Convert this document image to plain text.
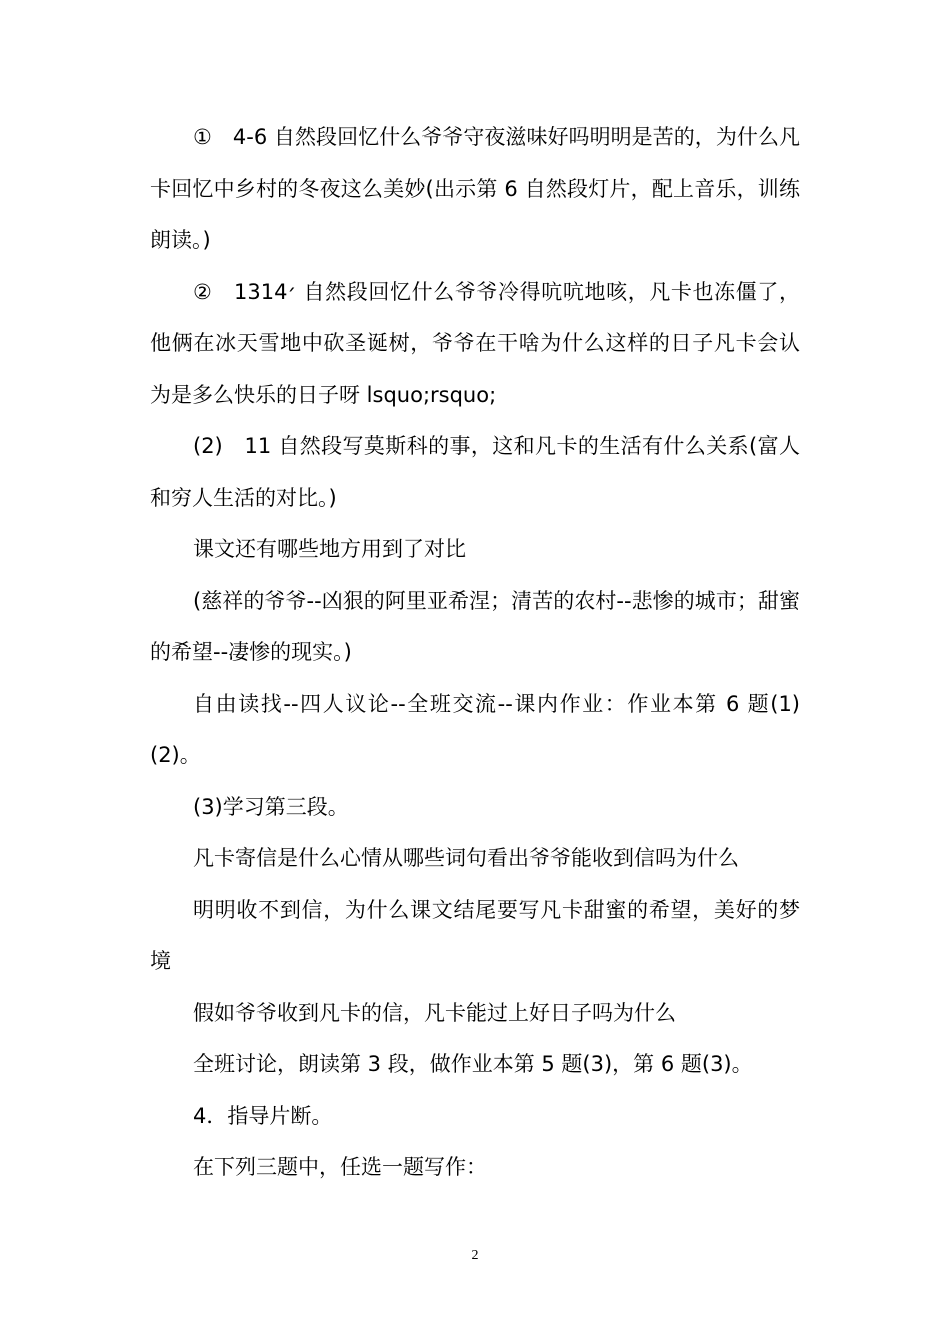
①　4-6 自然段回忆什么爷爷守夜滋味好吗明明是苦的，为什么凡卡回忆中乡村的冬夜这么美妙(出示第 6 自然段灯片，配上音乐，训练朗读。)

②　13׳14 自然段回忆什么爷爷冷得吭吭地咳，凡卡也冻僵了，他俩在冰天雪地中砍圣诞树，爷爷在干啥为什么这样的日子凡卡会认为是多么快乐的日子呀 lsquo;rsquo;

(2)　11 自然段写莫斯科的事，这和凡卡的生活有什么关系(富人和穷人生活的对比。)

课文还有哪些地方用到了对比

(慈祥的爷爷--凶狠的阿里亚希涅；清苦的农村--悲惨的城市；甜蜜的希望--凄惨的现实。)

自由读找--四人议论--全班交流--课内作业：作业本第 6 题(1)(2)。

(3)学习第三段。

凡卡寄信是什么心情从哪些词句看出爷爷能收到信吗为什么

明明收不到信，为什么课文结尾要写凡卡甜蜜的希望，美好的梦境

假如爷爷收到凡卡的信，凡卡能过上好日子吗为什么

全班讨论，朗读第 3 段，做作业本第 5 题(3)，第 6 题(3)。

4．指导片断。

在下列三题中，任选一题写作：

2
